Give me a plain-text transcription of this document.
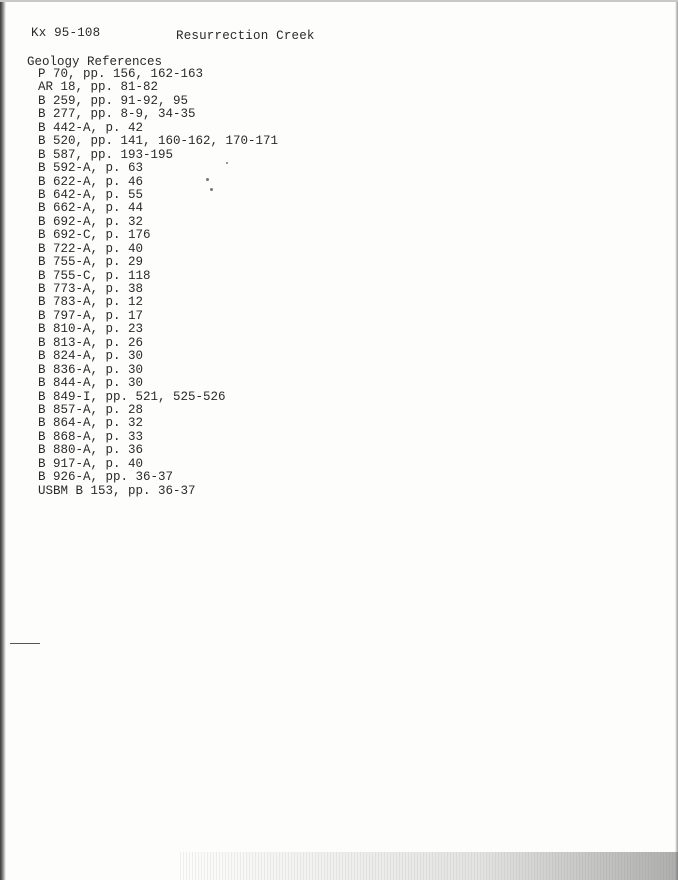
Kx 95-108	Resurrection Creek
Geology References
P 70, pp. 156, 162-163
AR 18, pp. 81-82
B 259, pp. 91-92, 95
B 277, pp. 8-9, 34-35
B 442-A, p. 42
B 520, pp. 141, 160-162, 170-171
B 587, pp. 193-195
B 592-A, p. 63
B 622-A, p. 46
B 642-A, p. 55
B 662-A, p. 44
B 692-A, p. 32
B 692-C, p. 176
B 722-A, p. 40
B 755-A, p. 29
B 755-C, p. 118
B 773-A, p. 38
B 783-A, p. 12
B 797-A, p. 17
B 810-A, p. 23
B 813-A, p. 26
B 824-A, p. 30
B 836-A, p. 30
B 844-A, p. 30
B 849-I, pp. 521, 525-526
B 857-A, p. 28
B 864-A, p. 32
B 868-A, p. 33
B 880-A, p. 36
B 917-A, p. 40
B 926-A, pp. 36-37
USBM B 153, pp. 36-37
